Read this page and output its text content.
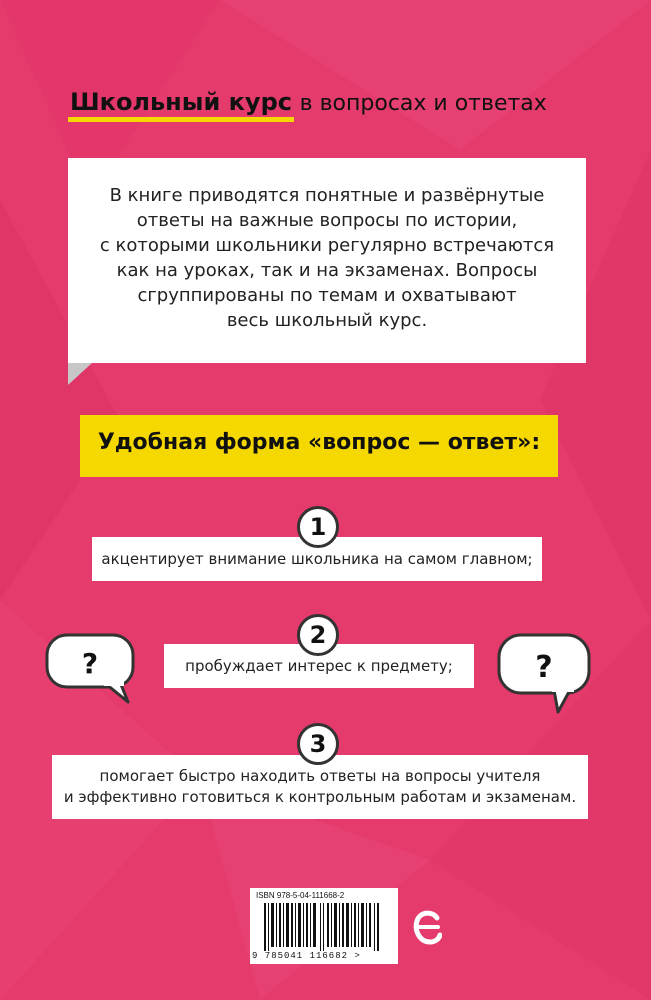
Школьный курс в вопросах и ответах
В книге приводятся понятные и развёрнутые
ответы на важные вопросы по истории,
с которыми школьники регулярно встречаются
как на уроках, так и на экзаменах. Вопросы
сгруппированы по темам и охватывают
весь школьный курс.
Удобная форма «вопрос — ответ»:
акцентирует внимание школьника на самом главном;
1
пробуждает интерес к предмету;
2
помогает быстро находить ответы на вопросы учителя
и эффективно готовиться к контрольным работам и экзаменам.
3
?	?
ISBN 978-5-04-111668-2
9 785041 116682 >
